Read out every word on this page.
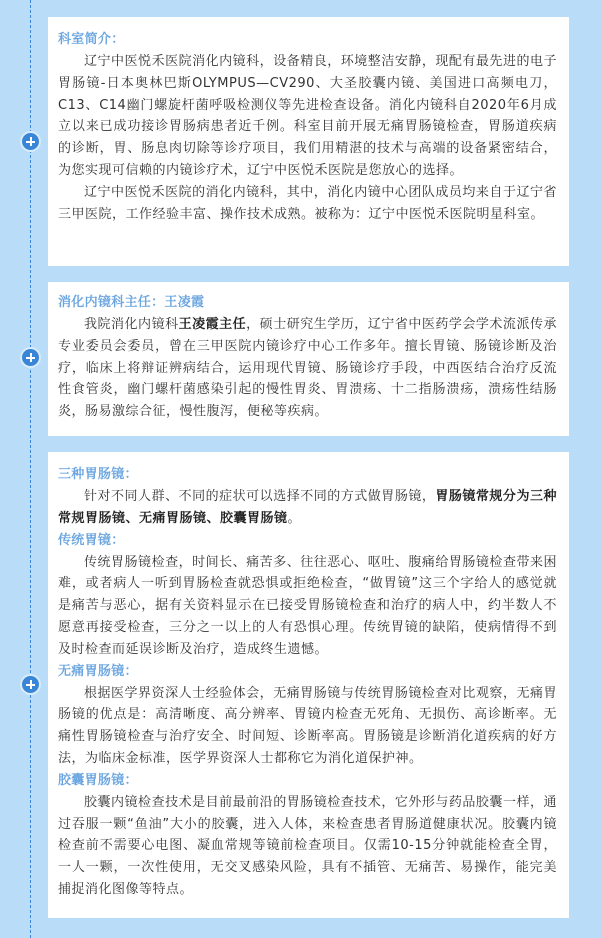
科室简介：

辽宁中医悦禾医院消化内镜科，设备精良，环境整洁安静，现配有最先进的电子胃肠镜-日本奥林巴斯OLYMPUS—CV290、大圣胶囊内镜、美国进口高频电刀，C13、C14幽门螺旋杆菌呼吸检测仪等先进检查设备。消化内镜科自2020年6月成立以来已成功接诊胃肠病患者近千例。科室目前开展无痛胃肠镜检查，胃肠道疾病的诊断，胃、肠息肉切除等诊疗项目，我们用精湛的技术与高端的设备紧密结合，为您实现可信赖的内镜诊疗术，辽宁中医悦禾医院是您放心的选择。

辽宁中医悦禾医院的消化内镜科，其中，消化内镜中心团队成员均来自于辽宁省三甲医院，工作经验丰富、操作技术成熟。被称为：辽宁中医悦禾医院明星科室。

消化内镜科主任：王凌霞

我院消化内镜科王凌霞主任，硕士研究生学历，辽宁省中医药学会学术流派传承专业委员会委员，曾在三甲医院内镜诊疗中心工作多年。擅长胃镜、肠镜诊断及治疗，临床上将辩证辨病结合，运用现代胃镜、肠镜诊疗手段，中西医结合治疗反流性食管炎，幽门螺杆菌感染引起的慢性胃炎、胃溃疡、十二指肠溃疡，溃疡性结肠炎，肠易激综合征，慢性腹泻，便秘等疾病。

三种胃肠镜：

针对不同人群、不同的症状可以选择不同的方式做胃肠镜，胃肠镜常规分为三种常规胃肠镜、无痛胃肠镜、胶囊胃肠镜。

传统胃镜：

传统胃肠镜检查，时间长、痛苦多、往往恶心、呕吐、腹痛给胃肠镜检查带来困难，或者病人一听到胃肠检查就恐惧或拒绝检查，“做胃镜”这三个字给人的感觉就是痛苦与恶心，据有关资料显示在已接受胃肠镜检查和治疗的病人中，约半数人不愿意再接受检查，三分之一以上的人有恐惧心理。传统胃镜的缺陷，使病情得不到及时检查而延误诊断及治疗，造成终生遗憾。

无痛胃肠镜：

根据医学界资深人士经验体会，无痛胃肠镜与传统胃肠镜检查对比观察，无痛胃肠镜的优点是：高清晰度、高分辨率、胃镜内检查无死角、无损伤、高诊断率。无痛性胃肠镜检查与治疗安全、时间短、诊断率高。胃肠镜是诊断消化道疾病的好方法，为临床金标准，医学界资深人士都称它为消化道保护神。

胶囊胃肠镜：

胶囊内镜检查技术是目前最前沿的胃肠镜检查技术，它外形与药品胶囊一样，通过吞服一颗“鱼油”大小的胶囊，进入人体，来检查患者胃肠道健康状况。胶囊内镜检查前不需要心电图、凝血常规等镜前检查项目。仅需10-15分钟就能检查全胃，一人一颗，一次性使用，无交叉感染风险，具有不插管、无痛苦、易操作，能完美捕捉消化图像等特点。
